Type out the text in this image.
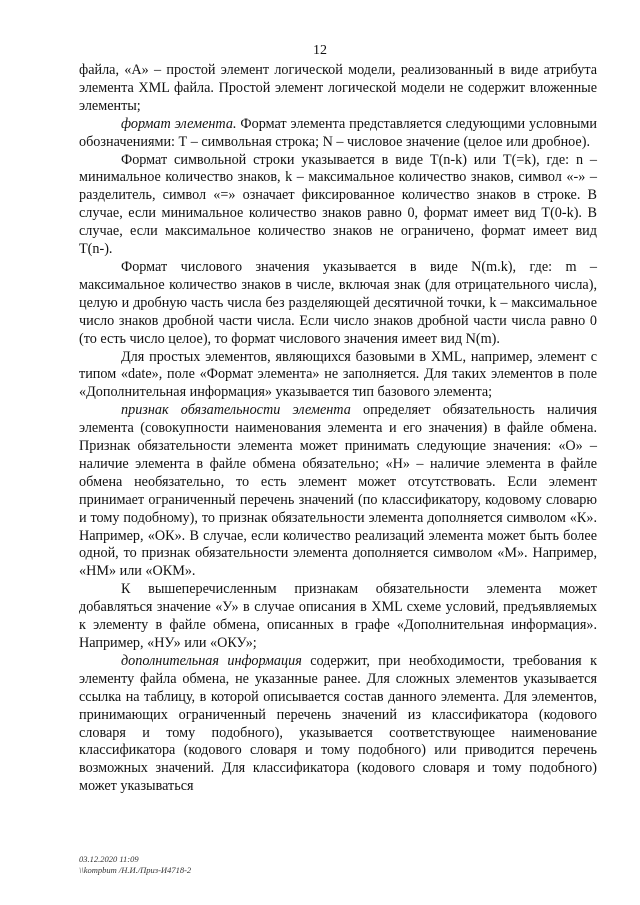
12

файла, «А» – простой элемент логической модели, реализованный в виде атрибута элемента XML файла. Простой элемент логической модели не содержит вложенные элементы;

формат элемента. Формат элемента представляется следующими условными обозначениями: Т – символьная строка; N – числовое значение (целое или дробное).

Формат символьной строки указывается в виде Т(n-k) или Т(=k), где: n – минимальное количество знаков, k – максимальное количество знаков, символ «-» – разделитель, символ «=» означает фиксированное количество знаков в строке. В случае, если минимальное количество знаков равно 0, формат имеет вид Т(0-k). В случае, если максимальное количество знаков не ограничено, формат имеет вид Т(n-).

Формат числового значения указывается в виде N(m.k), где: m – максимальное количество знаков в числе, включая знак (для отрицательного числа), целую и дробную часть числа без разделяющей десятичной точки, k – максимальное число знаков дробной части числа. Если число знаков дробной части числа равно 0 (то есть число целое), то формат числового значения имеет вид N(m).

Для простых элементов, являющихся базовыми в XML, например, элемент с типом «date», поле «Формат элемента» не заполняется. Для таких элементов в поле «Дополнительная информация» указывается тип базового элемента;

признак обязательности элемента определяет обязательность наличия элемента (совокупности наименования элемента и его значения) в файле обмена. Признак обязательности элемента может принимать следующие значения: «О» – наличие элемента в файле обмена обязательно; «Н» – наличие элемента в файле обмена необязательно, то есть элемент может отсутствовать. Если элемент принимает ограниченный перечень значений (по классификатору, кодовому словарю и тому подобному), то признак обязательности элемента дополняется символом «К». Например, «ОК». В случае, если количество реализаций элемента может быть более одной, то признак обязательности элемента дополняется символом «М». Например, «НМ» или «ОКМ».

К вышеперечисленным признакам обязательности элемента может добавляться значение «У» в случае описания в XML схеме условий, предъявляемых к элементу в файле обмена, описанных в графе «Дополнительная информация». Например, «НУ» или «ОКУ»;

дополнительная информация содержит, при необходимости, требования к элементу файла обмена, не указанные ранее. Для сложных элементов указывается ссылка на таблицу, в которой описывается состав данного элемента. Для элементов, принимающих ограниченный перечень значений из классификатора (кодового словаря и тому подобного), указывается соответствующее наименование классификатора (кодового словаря и тому подобного) или приводится перечень возможных значений. Для классификатора (кодового словаря и тому подобного) может указываться

03.12.2020 11:09
\\kompbum /Н.И./Приз-И4718-2
